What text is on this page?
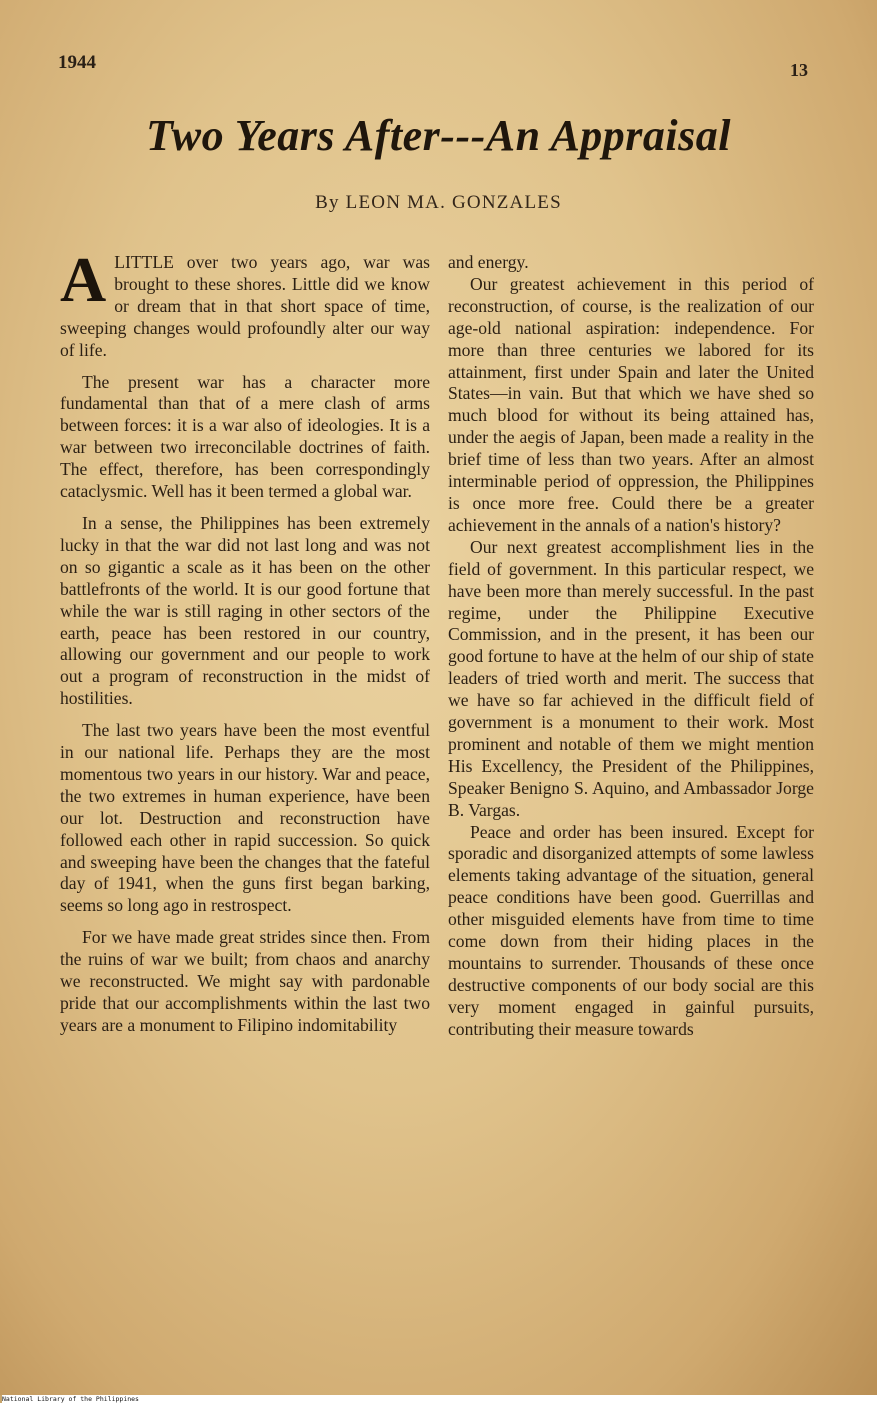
1944	13
Two Years After---An Appraisal
By LEON MA. GONZALES

ALITTLE over two years ago, war was brought to these shores. Little did we know or dream that in that short space of time, sweeping changes would profoundly alter our way of life.

The present war has a character more fundamental than that of a mere clash of arms between forces: it is a war also of ideologies. It is a war between two irreconcilable doctrines of faith. The effect, therefore, has been correspondingly cataclysmic. Well has it been termed a global war.

In a sense, the Philippines has been extremely lucky in that the war did not last long and was not on so gigantic a scale as it has been on the other battlefronts of the world. It is our good fortune that while the war is still raging in other sectors of the earth, peace has been restored in our country, allowing our government and our people to work out a program of reconstruction in the midst of hostilities.

The last two years have been the most eventful in our national life. Perhaps they are the most momentous two years in our history. War and peace, the two extremes in human experience, have been our lot. Destruction and reconstruction have followed each other in rapid succession. So quick and sweeping have been the changes that the fateful day of 1941, when the guns first began barking, seems so long ago in restrospect.

For we have made great strides since then. From the ruins of war we built; from chaos and anarchy we reconstructed. We might say with pardonable pride that our accomplishments within the last two years are a monument to Filipino indomitability

and energy.

Our greatest achievement in this period of reconstruction, of course, is the realization of our age-old national aspiration: independence. For more than three centuries we labored for its attainment, first under Spain and later the United States—in vain. But that which we have shed so much blood for without its being attained has, under the aegis of Japan, been made a reality in the brief time of less than two years. After an almost interminable period of oppression, the Philippines is once more free. Could there be a greater achievement in the annals of a nation's history?

Our next greatest accomplishment lies in the field of government. In this particular respect, we have been more than merely successful. In the past regime, under the Philippine Executive Commission, and in the present, it has been our good fortune to have at the helm of our ship of state leaders of tried worth and merit. The success that we have so far achieved in the difficult field of government is a monument to their work. Most prominent and notable of them we might mention His Excellency, the President of the Philippines, Speaker Benigno S. Aquino, and Ambassador Jorge B. Vargas.

Peace and order has been insured. Except for sporadic and disorganized attempts of some lawless elements taking advantage of the situation, general peace conditions have been good. Guerrillas and other misguided elements have from time to time come down from their hiding places in the mountains to surrender. Thousands of these once destructive components of our body social are this very moment engaged in gainful pursuits, contributing their measure towards

National Library of the Philippines
